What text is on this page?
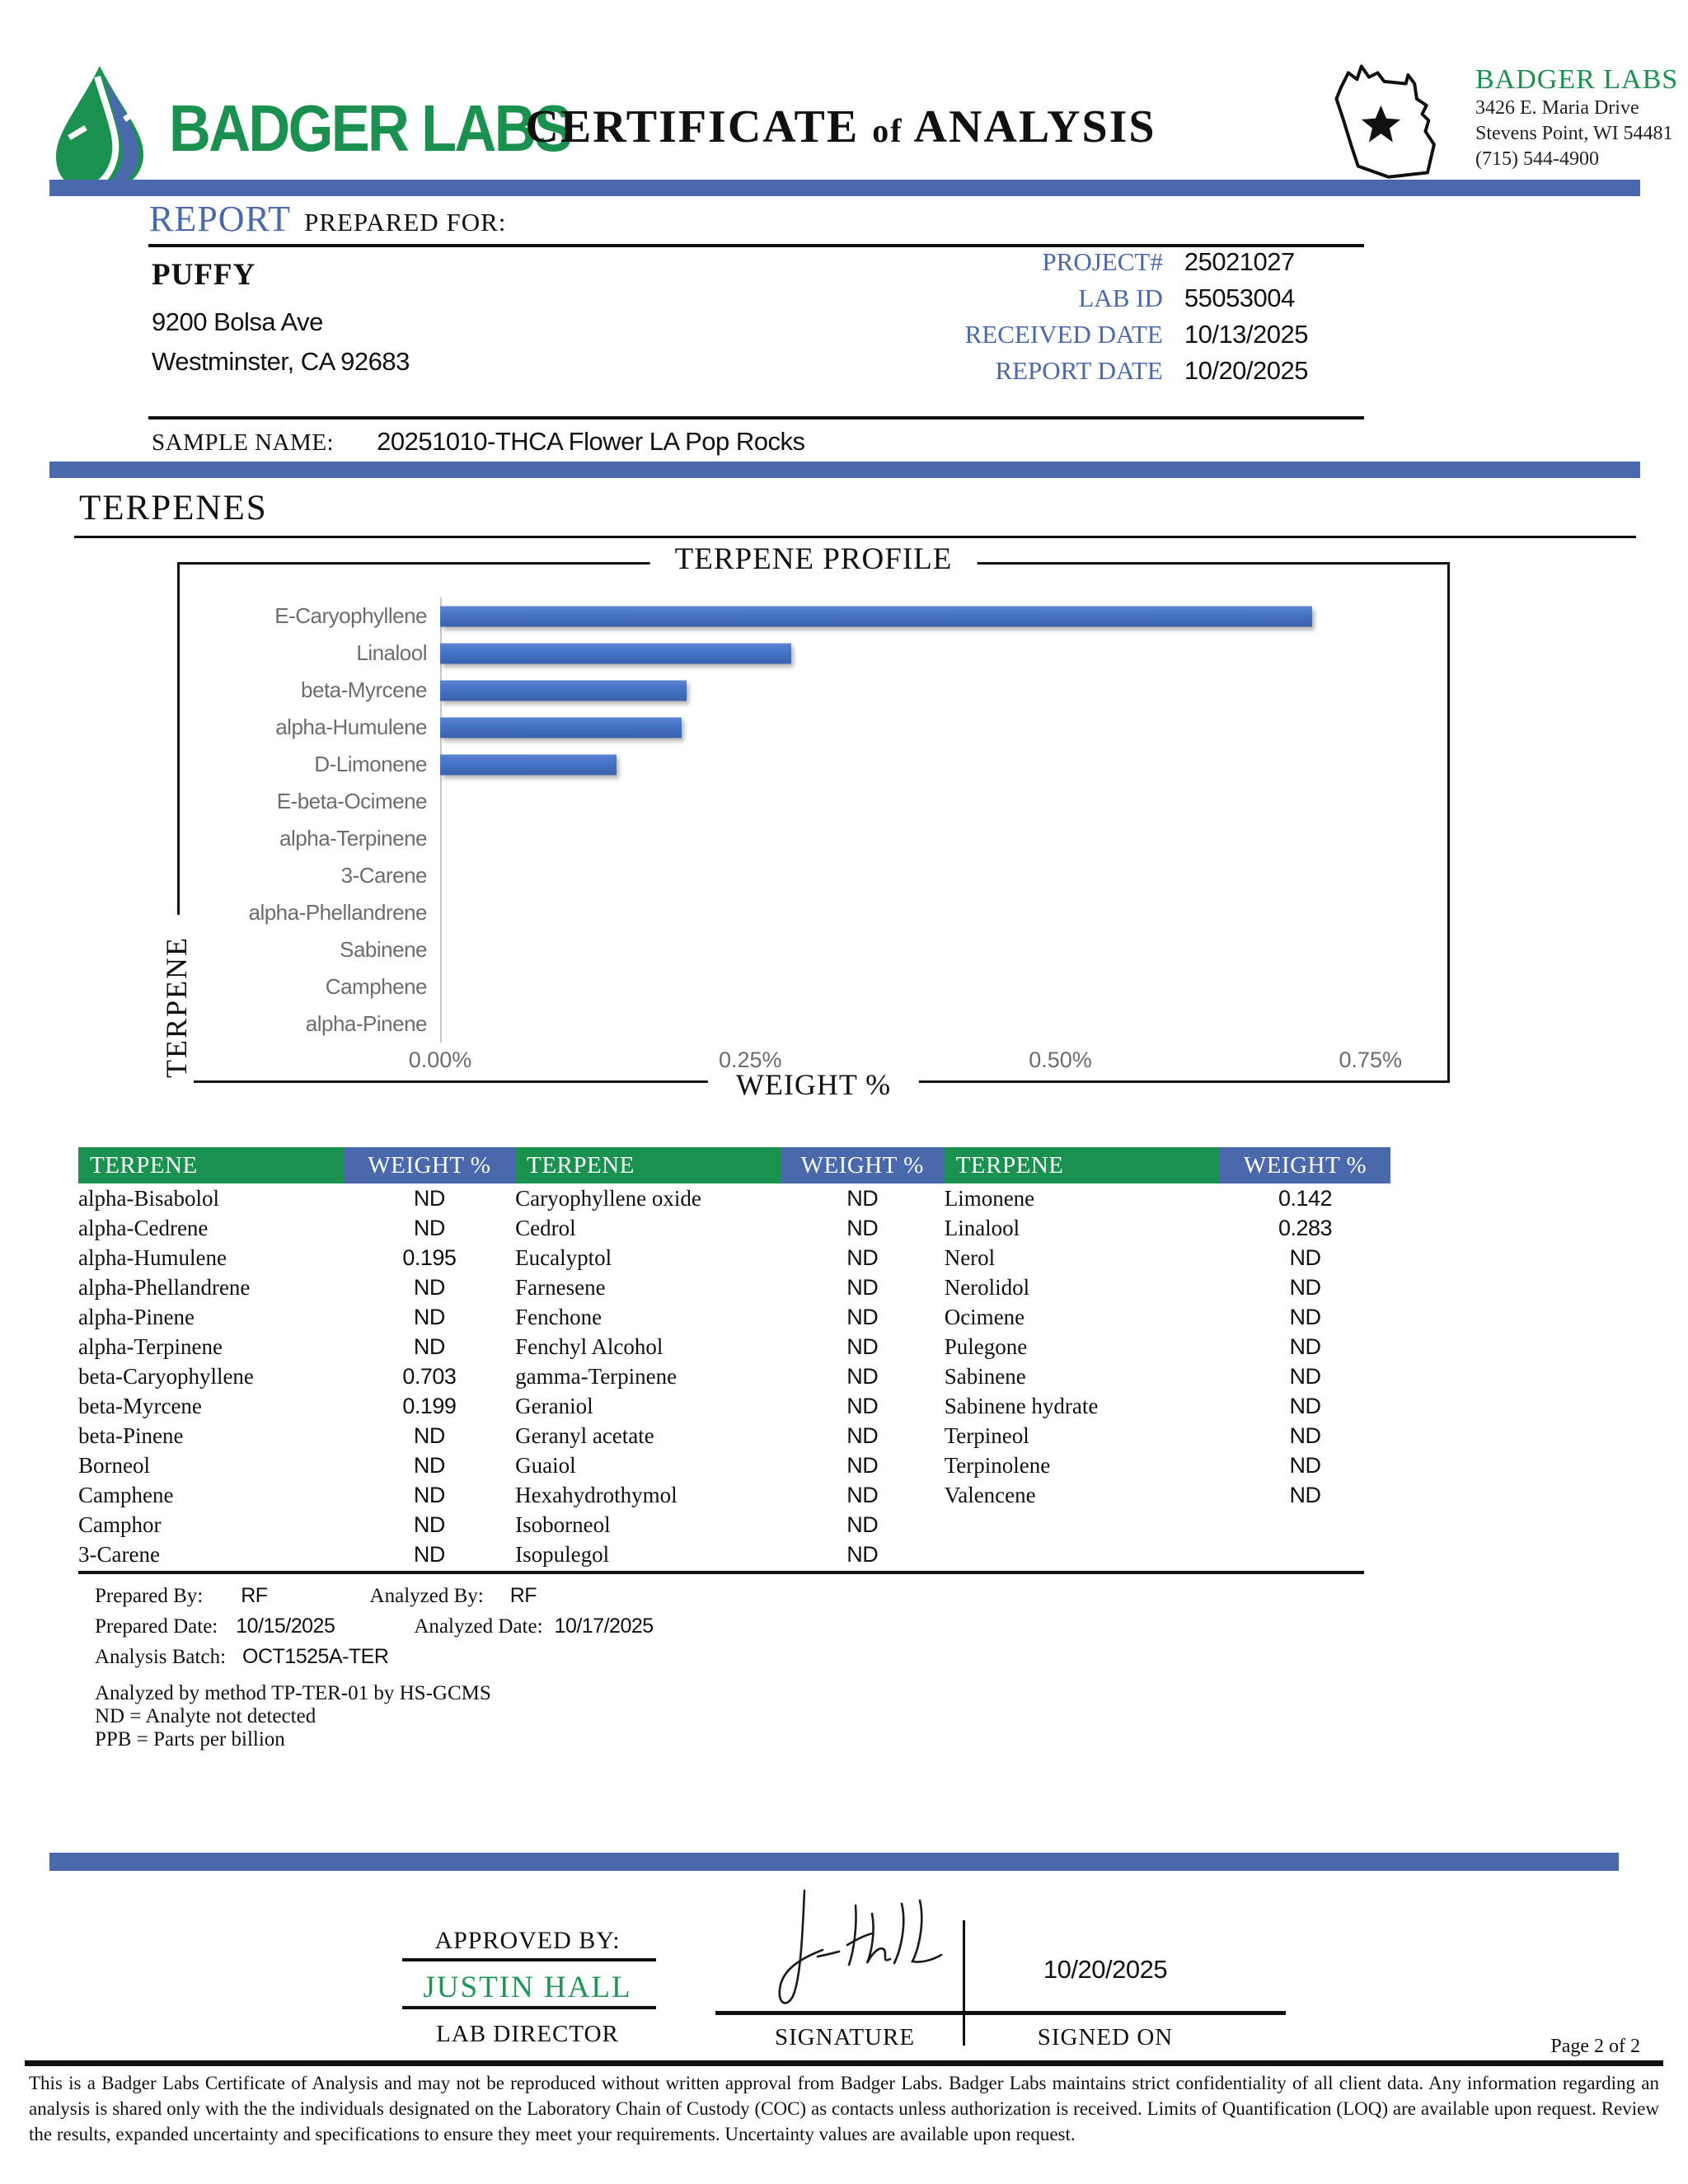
BADGER LABS
CERTIFICATE of ANALYSIS
BADGER LABS
3426 E. Maria Drive
Stevens Point, WI 54481
(715) 544-4900
REPORT PREPARED FOR:
PUFFY
9200 Bolsa Ave
Westminster, CA 92683
PROJECT# 25021027
LAB ID 55053004
RECEIVED DATE 10/13/2025
REPORT DATE 10/20/2025
SAMPLE NAME: 20251010-THCA Flower LA Pop Rocks
TERPENES
TERPENE PROFILE
TERPENE
WEIGHT %
E-Caryophyllene
Linalool
beta-Myrcene
alpha-Humulene
D-Limonene
E-beta-Ocimene
alpha-Terpinene
3-Carene
alpha-Phellandrene
Sabinene
Camphene
alpha-Pinene
0.00%	0.25%	0.50%	0.75%
TERPENE	WEIGHT %	TERPENE	WEIGHT %	TERPENE	WEIGHT %
alpha-Bisabolol	ND	Caryophyllene oxide	ND	Limonene	0.142
alpha-Cedrene	ND	Cedrol	ND	Linalool	0.283
alpha-Humulene	0.195	Eucalyptol	ND	Nerol	ND
alpha-Phellandrene	ND	Farnesene	ND	Nerolidol	ND
alpha-Pinene	ND	Fenchone	ND	Ocimene	ND
alpha-Terpinene	ND	Fenchyl Alcohol	ND	Pulegone	ND
beta-Caryophyllene	0.703	gamma-Terpinene	ND	Sabinene	ND
beta-Myrcene	0.199	Geraniol	ND	Sabinene hydrate	ND
beta-Pinene	ND	Geranyl acetate	ND	Terpineol	ND
Borneol	ND	Guaiol	ND	Terpinolene	ND
Camphene	ND	Hexahydrothymol	ND	Valencene	ND
Camphor	ND	Isoborneol	ND
3-Carene	ND	Isopulegol	ND
Prepared By: RF	Analyzed By: RF
Prepared Date: 10/15/2025	Analyzed Date: 10/17/2025
Analysis Batch: OCT1525A-TER
Analyzed by method TP-TER-01 by HS-GCMS
ND = Analyte not detected
PPB = Parts per billion
APPROVED BY:
JUSTIN HALL
LAB DIRECTOR
10/20/2025
SIGNATURE	SIGNED ON	Page 2 of 2

This is a Badger Labs Certificate of Analysis and may not be reproduced without written approval from Badger Labs. Badger Labs maintains strict confidentiality of all client data. Any information regarding an analysis is shared only with the the individuals designated on the Laboratory Chain of Custody (COC) as contacts unless authorization is received. Limits of Quantification (LOQ) are available upon request. Review the results, expanded uncertainty and specifications to ensure they meet your requirements. Uncertainty values are available upon request.
